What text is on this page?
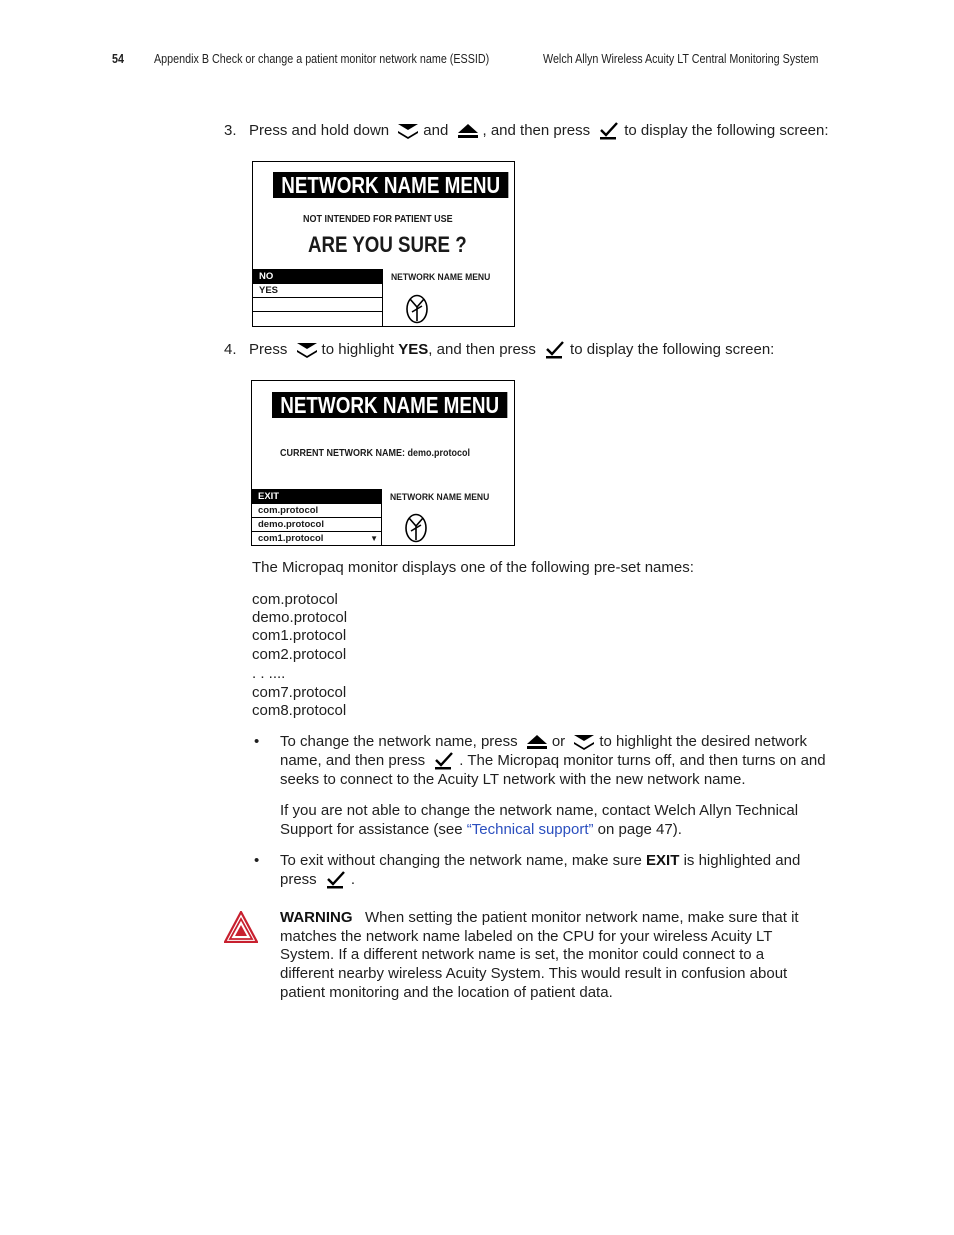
54 Appendix B Check or change a patient monitor network name (ESSID)	Welch Allyn Wireless Acuity LT Central Monitoring System
3. Press and hold down and , and then press to display the following screen:
NETWORK NAME MENU
NOT INTENDED FOR PATIENT USE
ARE YOU SURE ?
NO
YES
NETWORK NAME MENU
4. Press to highlight YES, and then press to display the following screen:
NETWORK NAME MENU
CURRENT NETWORK NAME: demo.protocol
EXIT
com.protocol
demo.protocol
com1.protocol	▼
NETWORK NAME MENU
The Micropaq monitor displays one of the following pre-set names:
com.protocol
demo.protocol
com1.protocol
com2.protocol
. . ....
com7.protocol
com8.protocol
• To change the network name, press or to highlight the desired network
name, and then press . The Micropaq monitor turns off, and then turns on and
seeks to connect to the Acuity LT network with the new network name.
If you are not able to change the network name, contact Welch Allyn Technical
Support for assistance (see “Technical support” on page 47).
• To exit without changing the network name, make sure EXIT is highlighted and
press .
WARNING When setting the patient monitor network name, make sure that it
matches the network name labeled on the CPU for your wireless Acuity LT
System. If a different network name is set, the monitor could connect to a
different nearby wireless Acuity System. This would result in confusion about
patient monitoring and the location of patient data.
